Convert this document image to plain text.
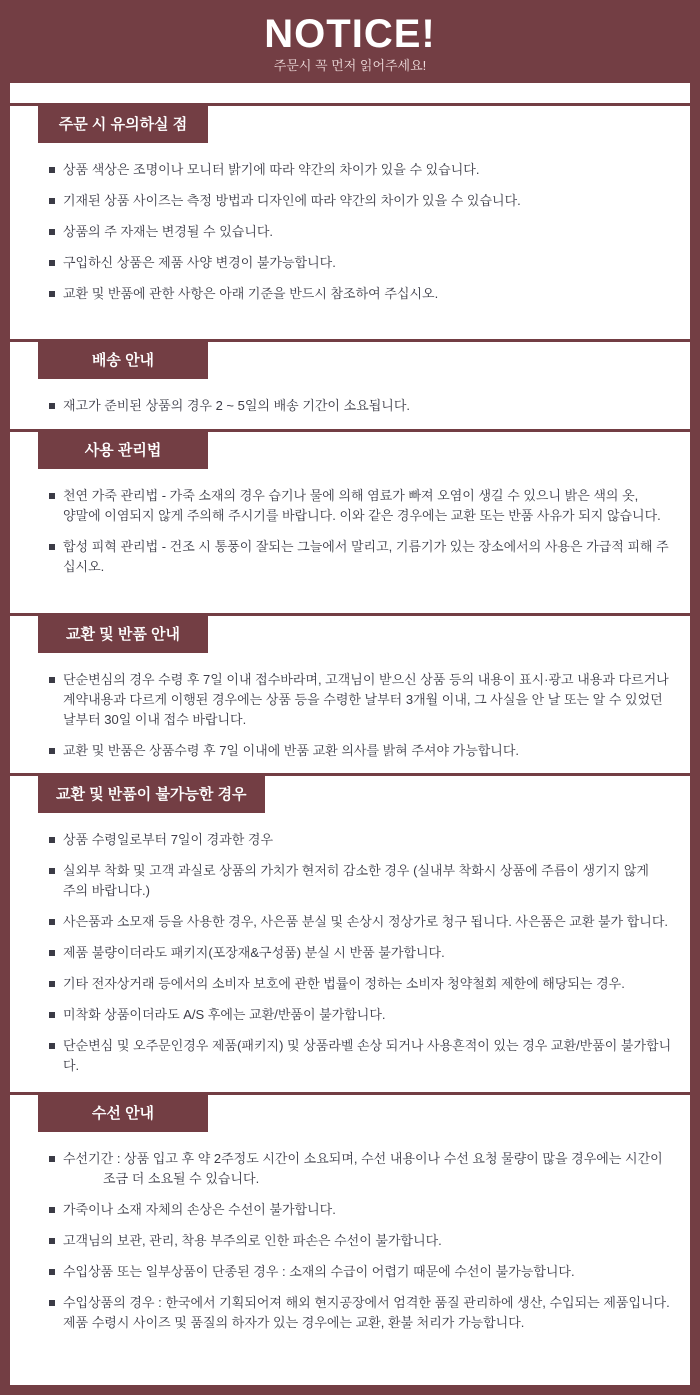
NOTICE!
주문시 꼭 먼저 읽어주세요!
주문 시 유의하실 점
상품 색상은 조명이나 모니터 밝기에 따라 약간의 차이가 있을 수 있습니다.
기재된 상품 사이즈는 측정 방법과 디자인에 따라 약간의 차이가 있을 수 있습니다.
상품의 주 자재는 변경될 수 있습니다.
구입하신 상품은 제품 사양 변경이 불가능합니다.
교환 및 반품에 관한 사항은 아래 기준을 반드시 참조하여 주십시오.
배송 안내
재고가 준비된 상품의 경우 2 ~ 5일의 배송 기간이 소요됩니다.
사용 관리법
천연 가죽 관리법 - 가죽 소재의 경우 습기나 물에 의해 염료가 빠져 오염이 생길 수 있으니 밝은 색의 옷,
양말에 이염되지 않게 주의해 주시기를 바랍니다. 이와 같은 경우에는 교환 또는 반품 사유가 되지 않습니다.
합성 피혁 관리법 - 건조 시 통풍이 잘되는 그늘에서 말리고, 기름기가 있는 장소에서의 사용은 가급적 피해 주십시오.
교환 및 반품 안내
단순변심의 경우 수령 후 7일 이내 접수바라며, 고객님이 받으신 상품 등의 내용이 표시·광고 내용과 다르거나
계약내용과 다르게 이행된 경우에는 상품 등을 수령한 날부터 3개월 이내, 그 사실을 안 날 또는 알 수 있었던
날부터 30일 이내 접수 바랍니다.
교환 및 반품은 상품수령 후 7일 이내에 반품 교환 의사를 밝혀 주셔야 가능합니다.
교환 및 반품이 불가능한 경우
상품 수령일로부터 7일이 경과한 경우
실외부 착화 및 고객 과실로 상품의 가치가 현저히 감소한 경우 (실내부 착화시 상품에 주름이 생기지 않게
주의 바랍니다.)
사은품과 소모재 등을 사용한 경우, 사은품 분실 및 손상시 정상가로 청구 됩니다. 사은품은 교환 불가 합니다.
제품 불량이더라도 패키지(포장재&구성품) 분실 시 반품 불가합니다.
기타 전자상거래 등에서의 소비자 보호에 관한 법률이 정하는 소비자 청약철회 제한에 해당되는 경우.
미착화 상품이더라도 A/S 후에는 교환/반품이 불가합니다.
단순변심 및 오주문인경우 제품(패키지) 및 상품라벨 손상 되거나 사용흔적이 있는 경우 교환/반품이 불가합니다.
수선 안내
수선기간 : 상품 입고 후 약 2주정도 시간이 소요되며, 수선 내용이나 수선 요청 물량이 많을 경우에는 시간이
조금 더 소요될 수 있습니다.
가죽이나 소재 자체의 손상은 수선이 불가합니다.
고객님의 보관, 관리, 착용 부주의로 인한 파손은 수선이 불가합니다.
수입상품 또는 일부상품이 단종된 경우 : 소재의 수급이 어렵기 때문에 수선이 불가능합니다.
수입상품의 경우 : 한국에서 기획되어져 해외 현지공장에서 엄격한 품질 관리하에 생산, 수입되는 제품입니다.
제품 수령시 사이즈 및 품질의 하자가 있는 경우에는 교환, 환불 처리가 가능합니다.
